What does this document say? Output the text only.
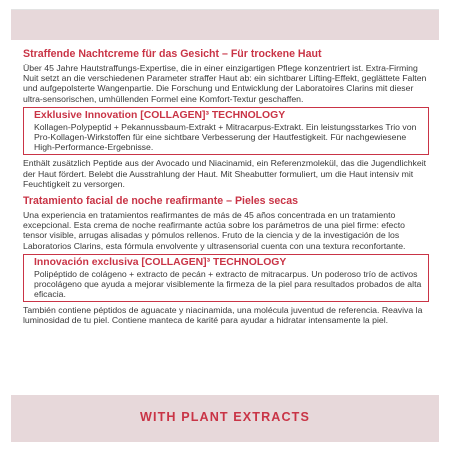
Straffende Nachtcreme für das Gesicht – Für trockene Haut

Über 45 Jahre Hautstraffungs-Expertise, die in einer einzigartigen Pflege konzentriert ist. Extra-Firming Nuit setzt an die verschiedenen Parameter straffer Haut ab: ein sichtbarer Lifting-Effekt, geglättete Falten und aufgepolsterte Wangenpartie. Die Forschung und Entwicklung der Laboratoires Clarins mit dieser ultra-sensorischen, umhüllenden Formel eine Komfort-Textur geschaffen.

Exklusive Innovation [COLLAGEN]³ TECHNOLOGY

Kollagen-Polypeptid + Pekannussbaum-Extrakt + Mitracarpus-Extrakt. Ein leistungsstarkes Trio von Pro-Kollagen-Wirkstoffen für eine sichtbare Verbesserung der Hautfestigkeit. Für nachgewiesene High-Performance-Ergebnisse.

Enthält zusätzlich Peptide aus der Avocado und Niacinamid, ein Referenzmolekül, das die Jugendlichkeit der Haut fördert. Belebt die Ausstrahlung der Haut. Mit Sheabutter formuliert, um die Haut intensiv mit Feuchtigkeit zu versorgen.

Tratamiento facial de noche reafirmante – Pieles secas

Una experiencia en tratamientos reafirmantes de más de 45 años concentrada en un tratamiento excepcional. Esta crema de noche reafirmante actúa sobre los parámetros de una piel firme: efecto tensor visible, arrugas alisadas y pómulos rellenos. Fruto de la ciencia y de la investigación de los Laboratorios Clarins, esta fórmula envolvente y ultrasensorial cuenta con una textura reconfortante.

Innovación exclusiva [COLLAGEN]³ TECHNOLOGY

Polipéptido de colágeno + extracto de pecán + extracto de mitracarpus. Un poderoso trío de activos procolágeno que ayuda a mejorar visiblemente la firmeza de la piel para resultados probados de alta eficacia.

También contiene péptidos de aguacate y niacinamida, una molécula juventud de referencia. Reaviva la luminosidad de tu piel. Contiene manteca de karité para ayudar a hidratar intensamente la piel.

WITH PLANT EXTRACTS
